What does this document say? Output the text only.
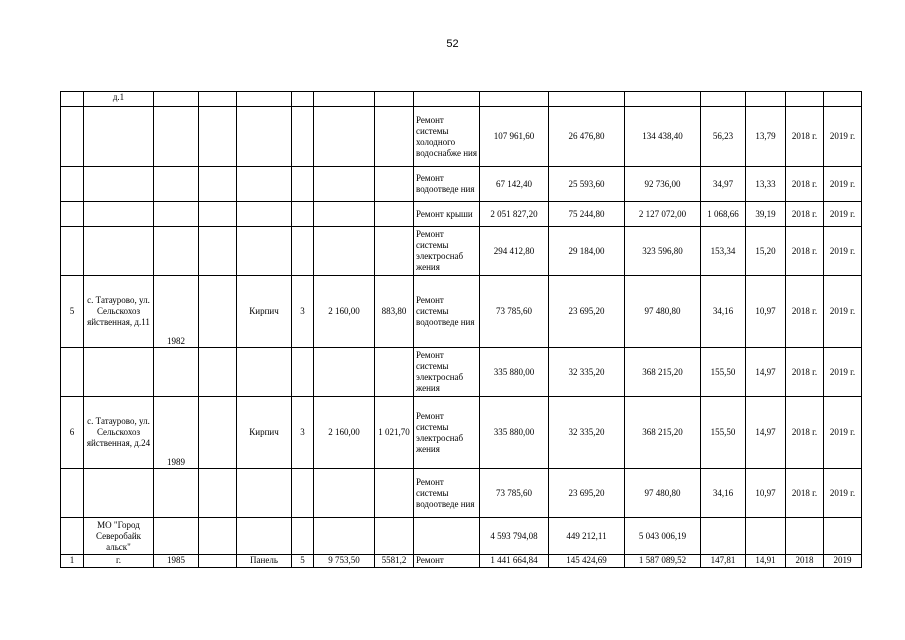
52
	д.1														
								Ремонт системы холодного водоснабже ния	107 961,60	26 476,80	134 438,40	56,23	13,79	2018 г.	2019 г.
								Ремонт водоотведе ния	67 142,40	25 593,60	92 736,00	34,97	13,33	2018 г.	2019 г.
								Ремонт крыши	2 051 827,20	75 244,80	2 127 072,00	1 068,66	39,19	2018 г.	2019 г.
								Ремонт системы электроснаб жения	294 412,80	29 184,00	323 596,80	153,34	15,20	2018 г.	2019 г.
5	с. Татаурово, ул. Сельскохоз яйственная, д.11	1982		Кирпич	3	2 160,00	883,80	Ремонт системы водоотведе ния	73 785,60	23 695,20	97 480,80	34,16	10,97	2018 г.	2019 г.
								Ремонт системы электроснаб жения	335 880,00	32 335,20	368 215,20	155,50	14,97	2018 г.	2019 г.
6	с. Татаурово, ул. Сельскохоз яйственная, д.24	1989		Кирпич	3	2 160,00	1 021,70	Ремонт системы электроснаб жения	335 880,00	32 335,20	368 215,20	155,50	14,97	2018 г.	2019 г.
								Ремонт системы водоотведе ния	73 785,60	23 695,20	97 480,80	34,16	10,97	2018 г.	2019 г.
	МО "Город Северобайк альск"								4 593 794,08	449 212,11	5 043 006,19				
1	г.	1985		Панель	5	9 753,50	5581,2	Ремонт	1 441 664,84	145 424,69	1 587 089,52	147,81	14,91	2018	2019
